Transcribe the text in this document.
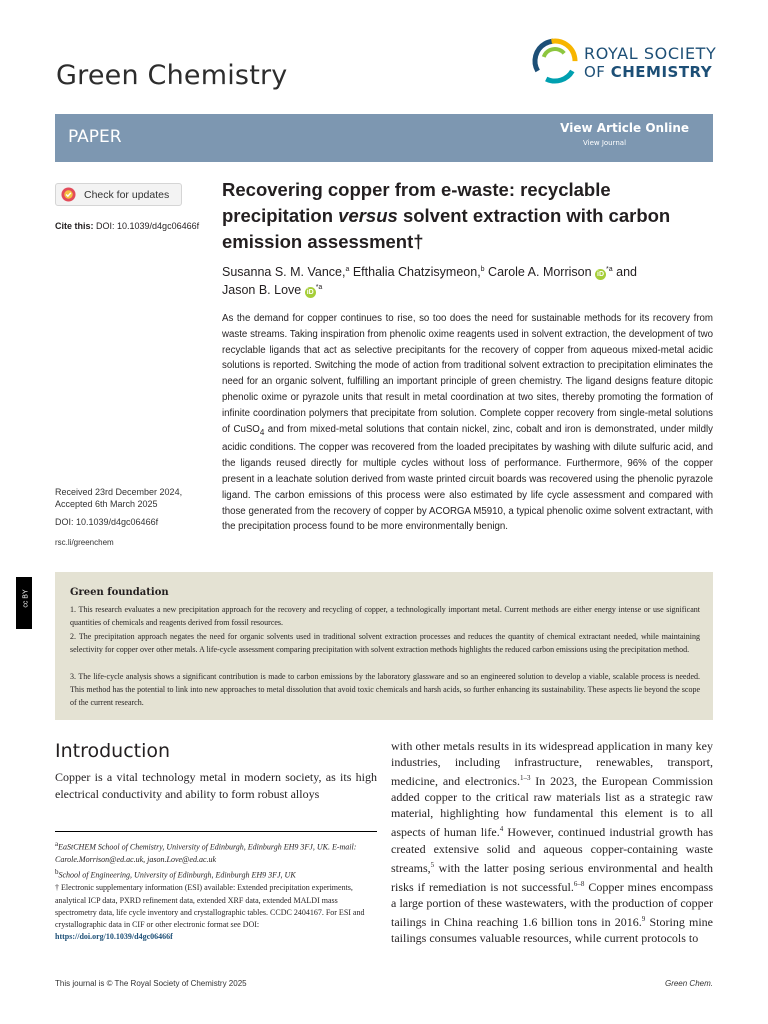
Green Chemistry
ROYAL SOCIETY
OF CHEMISTRY
PAPER	View Article Online
View Journal
Check for updates
Cite this: DOI: 10.1039/d4gc06466f
Recovering copper from e-waste: recyclable precipitation versus solvent extraction with carbon emission assessment†
Susanna S. M. Vance,$^a$ Efthalia Chatzisymeon,$^b$ Carole A. Morrison $iD^{*a}$ and
Jason B. Love $iD^{*a}$
As the demand for copper continues to rise, so too does the need for sustainable methods for its recovery from waste streams. Taking inspiration from phenolic oxime reagents used in solvent extraction, the development of two recyclable ligands that act as selective precipitants for the recovery of copper from aqueous mixed-metal acidic solutions is reported. Switching the mode of action from traditional solvent extraction to precipitation eliminates the need for an organic solvent, fulfilling an important principle of green chemistry. The ligand designs feature ditopic phenolic oxime or pyrazole units that result in metal coordination at two sites, thereby promoting the formation of infinite coordination polymers that precipitate from solution. Complete copper recovery from single-metal solutions of CuSO$_4$ and from mixed-metal solutions that contain nickel, zinc, cobalt and iron is demonstrated, under mildly acidic conditions. The copper was recovered from the loaded precipitates by washing with dilute sulfuric acid, and the ligands reused directly for multiple cycles without loss of performance. Furthermore, 96% of the copper present in a leachate solution derived from waste printed circuit boards was recovered using the phenolic pyrazole ligand. The carbon emissions of this process were also estimated by life cycle assessment and compared with those generated from the recovery of copper by ACORGA M5910, a typical phenolic oxime solvent extractant, with the precipitation process found to be more environmentally benign.
Received 23rd December 2024,
Accepted 6th March 2025
DOI: 10.1039/d4gc06466f
rsc.li/greenchem
cc BY	Green foundation
1. This research evaluates a new precipitation approach for the recovery and recycling of copper, a technologically important metal. Current methods are either energy intense or use significant quantities of chemicals and reagents derived from fossil resources.
2. The precipitation approach negates the need for organic solvents used in traditional solvent extraction processes and reduces the quantity of chemical extractant needed, while maintaining selectivity for copper over other metals. A life-cycle assessment comparing precipitation with solvent extraction methods highlights the reduced carbon emissions using the precipitation method.
3. The life-cycle analysis shows a significant contribution is made to carbon emissions by the laboratory glassware and so an engineered solution to develop a viable, scalable process is needed. This method has the potential to link into new approaches to metal dissolution that avoid toxic chemicals and harsh acids, so further enhancing its sustainability. These aspects lie beyond the scope of the current research.
Introduction
Copper is a vital technology metal in modern society, as its high electrical conductivity and ability to form robust alloys
$^a$EaStCHEM School of Chemistry, University of Edinburgh, Edinburgh EH9 3FJ, UK. E-mail: Carole.Morrison@ed.ac.uk, jason.Love@ed.ac.uk
$^b$School of Engineering, University of Edinburgh, Edinburgh EH9 3FJ, UK
† Electronic supplementary information (ESI) available: Extended precipitation experiments, analytical ICP data, PXRD refinement data, extended XRF data, extended MALDI mass spectrometry data, life cycle inventory and crystallographic tables. CCDC 2404167. For ESI and crystallographic data in CIF or other electronic format see DOI: https://doi.org/10.1039/d4gc06466f
with other metals results in its widespread application in many key industries, including infrastructure, renewables, transport, medicine, and electronics.$^{1-3}$ In 2023, the European Commission added copper to the critical raw materials list as a strategic raw material, highlighting how fundamental this element is to all aspects of human life.$^4$ However, continued industrial growth has created extensive solid and aqueous copper-containing waste streams,$^5$ with the latter posing serious environmental and health risks if remediation is not successful.$^{6-8}$ Copper mines encompass a large portion of these wastewaters, with the production of copper tailings in China reaching 1.6 billion tons in 2016.$^9$ Storing mine tailings consumes valuable resources, while current protocols to
This journal is © The Royal Society of Chemistry 2025	Green Chem.
